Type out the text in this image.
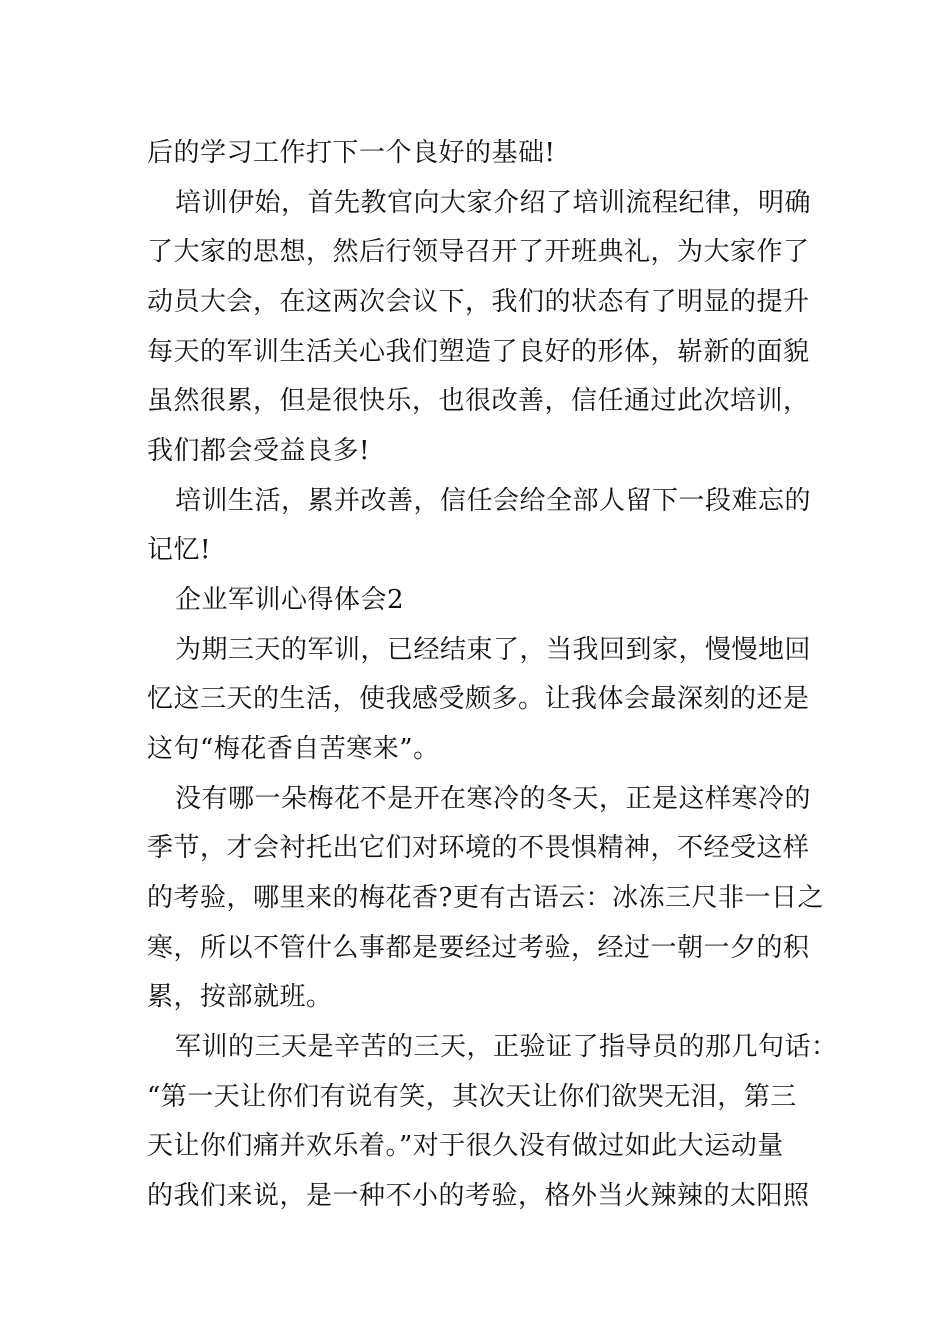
后的学习工作打下一个良好的基础!
培训伊始，首先教官向大家介绍了培训流程纪律，明确
了大家的思想，然后行领导召开了开班典礼，为大家作了
动员大会，在这两次会议下，我们的状态有了明显的提升
每天的军训生活关心我们塑造了良好的形体，崭新的面貌
虽然很累，但是很快乐，也很改善，信任通过此次培训，
我们都会受益良多!
培训生活，累并改善，信任会给全部人留下一段难忘的
记忆!
企业军训心得体会2
为期三天的军训，已经结束了，当我回到家，慢慢地回
忆这三天的生活，使我感受颇多。让我体会最深刻的还是
这句“梅花香自苦寒来”。
没有哪一朵梅花不是开在寒冷的冬天，正是这样寒冷的
季节，才会衬托出它们对环境的不畏惧精神，不经受这样
的考验，哪里来的梅花香?更有古语云：冰冻三尺非一日之
寒，所以不管什么事都是要经过考验，经过一朝一夕的积
累，按部就班。
军训的三天是辛苦的三天，正验证了指导员的那几句话：
“第一天让你们有说有笑，其次天让你们欲哭无泪，第三
天让你们痛并欢乐着。”对于很久没有做过如此大运动量
的我们来说，是一种不小的考验，格外当火辣辣的太阳照
